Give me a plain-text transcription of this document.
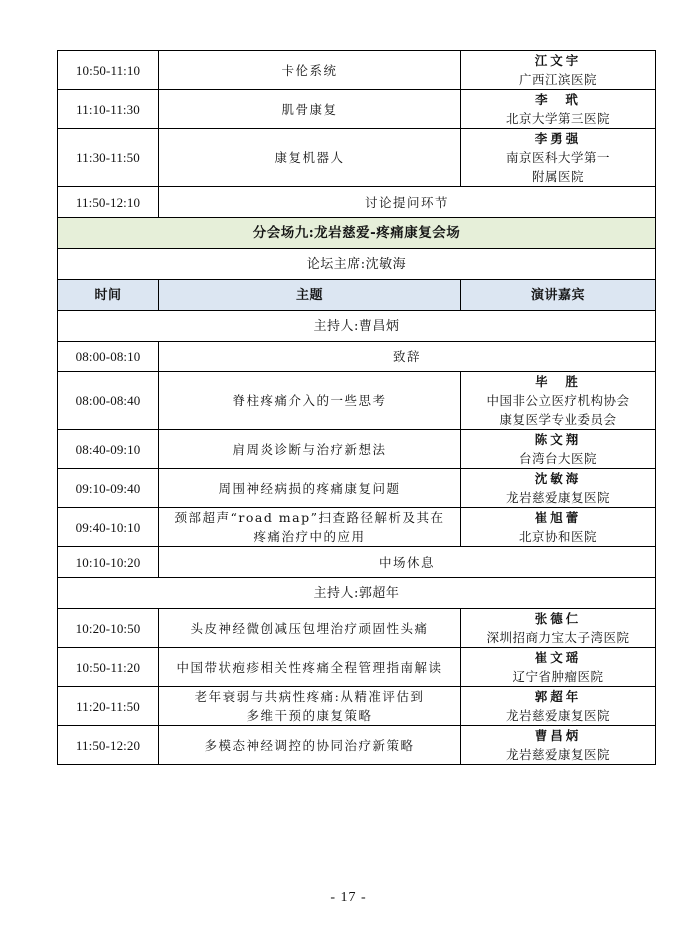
10:50-11:10	卡伦系统	江文宇
广西江滨医院

11:10-11:30	肌骨康复	李  玳
北京大学第三医院

11:30-11:50	康复机器人	李勇强
南京医科大学第一
附属医院

11:50-12:10	讨论提问环节	
分会场九:龙岩慈爱-疼痛康复会场		
论坛主席:沈敏海		
时间	主题	演讲嘉宾
主持人:曹昌炳		
08:00-08:10	致辞	
08:00-08:40	脊柱疼痛介入的一些思考	毕  胜
中国非公立医疗机构协会
康复医学专业委员会

08:40-09:10	肩周炎诊断与治疗新想法	陈文翔
台湾台大医院

09:10-09:40	周围神经病损的疼痛康复问题	沈敏海
龙岩慈爱康复医院

09:40-10:10	颈部超声“road map”扫查路径解析及其在
疼痛治疗中的应用	崔旭蕾
北京协和医院

10:10-10:20	中场休息	
主持人:郭超年		
10:20-10:50	头皮神经微创减压包埋治疗顽固性头痛	张德仁
深圳招商力宝太子湾医院

10:50-11:20	中国带状疱疹相关性疼痛全程管理指南解读	崔文瑶
辽宁省肿瘤医院

11:20-11:50	老年衰弱与共病性疼痛:从精准评估到
多维干预的康复策略	郭超年
龙岩慈爱康复医院

11:50-12:20	多模态神经调控的协同治疗新策略	曹昌炳
龙岩慈爱康复医院
- 17 -
